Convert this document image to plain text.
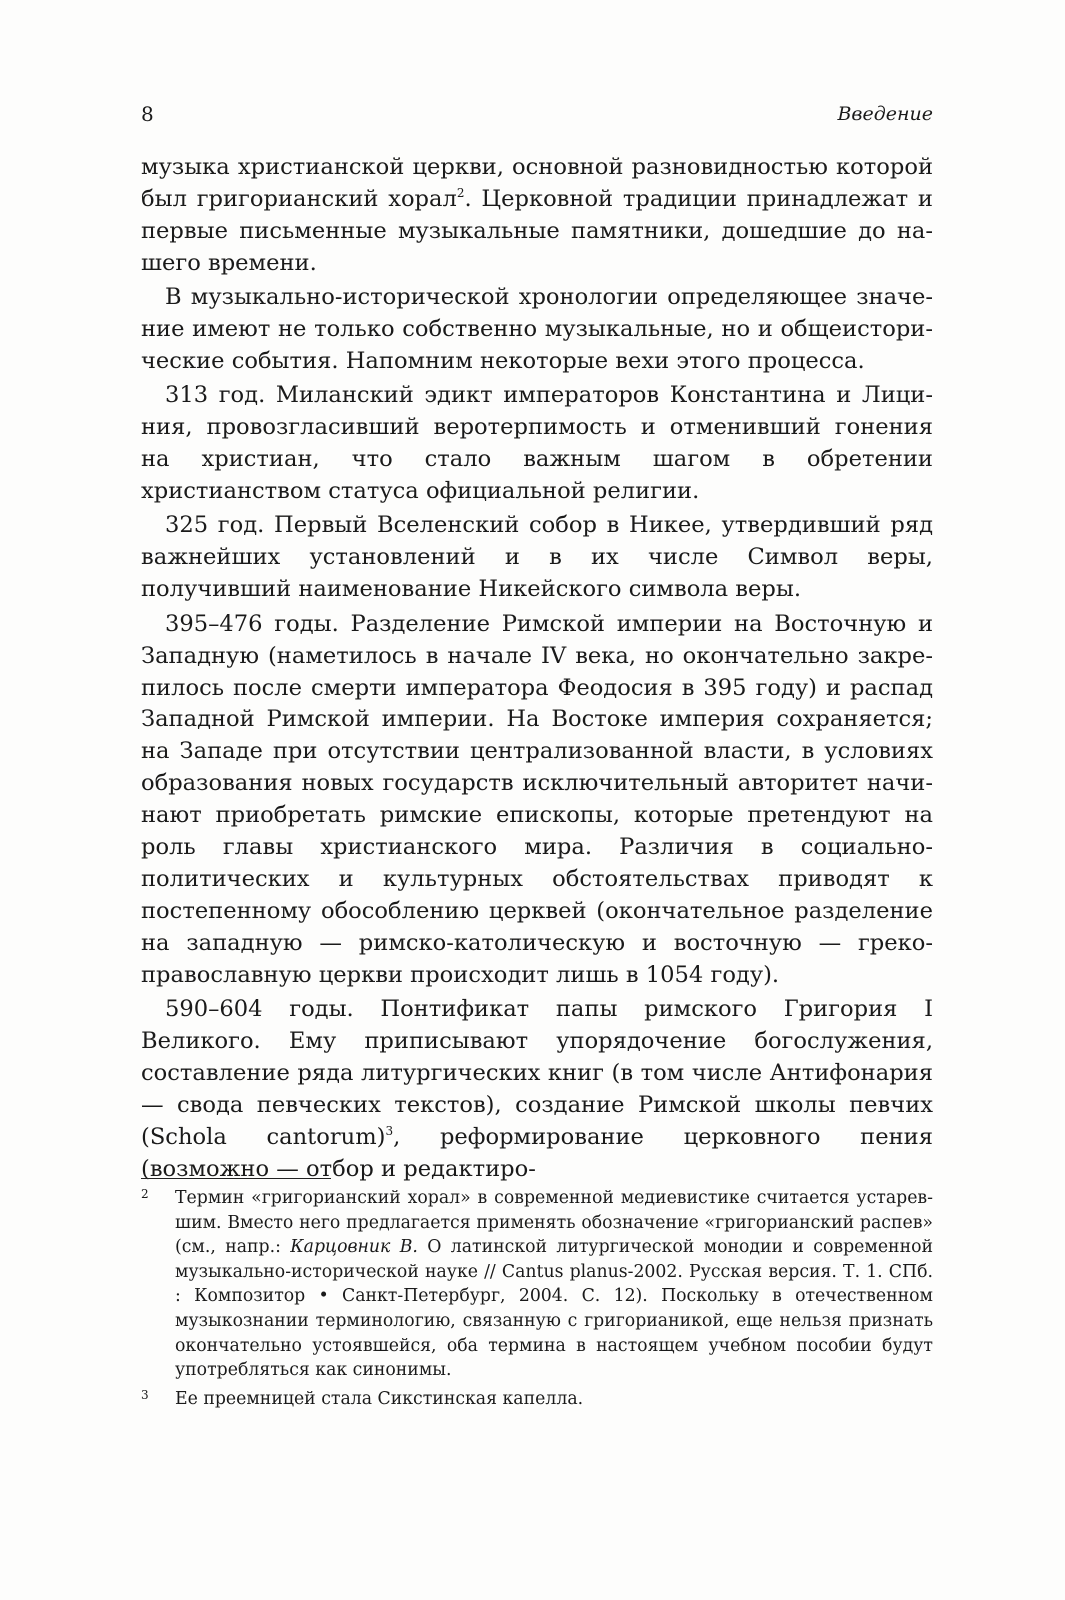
8	Введение

музыка христианской церкви, основной разновидностью которой был григорианский хорал$^2$. Церковной традиции принадлежат и первые письменные музыкальные памятники, дошедшие до нашего времени.

В музыкально-исторической хронологии определяющее значение имеют не только собственно музыкальные, но и общеисторические события. Напомним некоторые вехи этого процесса.

313 год. Миланский эдикт императоров Константина и Лициния, провозгласивший веротерпимость и отменивший гонения на христиан, что стало важным шагом в обретении христианством статуса официальной религии.

325 год. Первый Вселенский собор в Никее, утвердивший ряд важнейших установлений и в их числе Символ веры, получивший наименование Никейского символа веры.

395–476 годы. Разделение Римской империи на Восточную и Западную (наметилось в начале IV века, но окончательно закрепилось после смерти императора Феодосия в 395 году) и распад Западной Римской империи. На Востоке империя сохраняется; на Западе при отсутствии централизованной власти, в условиях образования новых государств исключительный авторитет начинают приобретать римские епископы, которые претендуют на роль главы христианского мира. Различия в социально-политических и культурных обстоятельствах приводят к постепенному обособлению церквей (окончательное разделение на западную — римско-католическую и восточную — греко-православную церкви происходит лишь в 1054 году).

590–604 годы. Понтификат папы римского Григория I Великого. Ему приписывают упорядочение богослужения, составление ряда литургических книг (в том числе Антифонария — свода певческих текстов), создание Римской школы певчих (Schola cantorum)$^3$, реформирование церковного пения (возможно — отбор и редактиро-

2 Термин «григорианский хорал» в современной медиевистике считается устаревшим. Вместо него предлагается применять обозначение «григорианский распев» (см., напр.: Карцовник В. О латинской литургической монодии и современной музыкально-исторической науке // Cantus planus-2002. Русская версия. Т. 1. СПб. : Композитор • Санкт-Петербург, 2004. С. 12). Поскольку в отечественном музыкознании терминологию, связанную с григорианикой, еще нельзя признать окончательно устоявшейся, оба термина в настоящем учебном пособии будут употребляться как синонимы.
3 Ее преемницей стала Сикстинская капелла.
